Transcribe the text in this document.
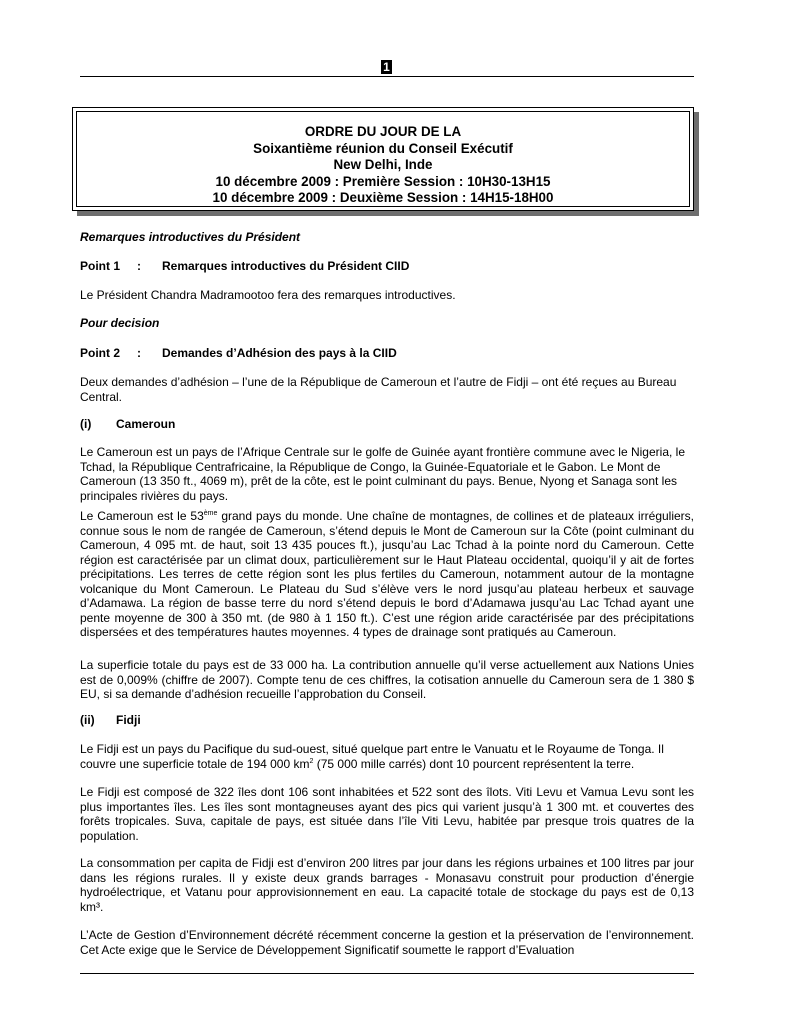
1
ORDRE DU JOUR DE LA
Soixantième réunion du Conseil Exécutif
New Delhi, Inde
10 décembre 2009 : Première Session : 10H30-13H15
10 décembre 2009 : Deuxième Session : 14H15-18H00
Remarques introductives du Président
Point 1 : Remarques introductives du Président CIID
Le Président Chandra Madramootoo fera des remarques introductives.
Pour decision
Point 2 : Demandes d’Adhésion des pays à la CIID
Deux demandes d’adhésion – l’une de la République de Cameroun et l’autre de Fidji – ont été reçues au Bureau Central.
(i) Cameroun
Le Cameroun est un pays de l’Afrique Centrale sur le golfe de Guinée ayant frontière commune avec le Nigeria, le Tchad, la République Centrafricaine, la République de Congo, la Guinée-Equatoriale et le Gabon. Le Mont de Cameroun (13 350 ft., 4069 m), prêt de la côte, est le point culminant du pays. Benue, Nyong et Sanaga sont les principales rivières du pays.
Le Cameroun est le 53ème grand pays du monde. Une chaîne de montagnes, de collines et de plateaux irréguliers, connue sous le nom de rangée de Cameroun, s’étend depuis le Mont de Cameroun sur la Côte (point culminant du Cameroun, 4 095 mt. de haut, soit 13 435 pouces ft.), jusqu’au Lac Tchad à la pointe nord du Cameroun. Cette région est caractérisée par un climat doux, particulièrement sur le Haut Plateau occidental, quoiqu’il y ait de fortes précipitations. Les terres de cette région sont les plus fertiles du Cameroun, notamment autour de la montagne volcanique du Mont Cameroun. Le Plateau du Sud s’élève vers le nord jusqu’au plateau herbeux et sauvage d’Adamawa. La région de basse terre du nord s’étend depuis le bord d’Adamawa jusqu’au Lac Tchad ayant une pente moyenne de 300 à 350 mt. (de 980 à 1 150 ft.). C’est une région aride caractérisée par des précipitations dispersées et des températures hautes moyennes. 4 types de drainage sont pratiqués au Cameroun.
La superficie totale du pays est de 33 000 ha. La contribution annuelle qu’il verse actuellement aux Nations Unies est de 0,009% (chiffre de 2007). Compte tenu de ces chiffres, la cotisation annuelle du Cameroun sera de 1 380 $ EU, si sa demande d’adhésion recueille l’approbation du Conseil.
(ii) Fidji
Le Fidji est un pays du Pacifique du sud-ouest, situé quelque part entre le Vanuatu et le Royaume de Tonga. Il couvre une superficie totale de 194 000 $km^2$ (75 000 mille carrés) dont 10 pourcent représentent la terre.
Le Fidji est composé de 322 îles dont 106 sont inhabitées et 522 sont des îlots. Viti Levu et Vamua Levu sont les plus importantes îles. Les îles sont montagneuses ayant des pics qui varient jusqu’à 1 300 mt. et couvertes des forêts tropicales. Suva, capitale de pays, est située dans l’île Viti Levu, habitée par presque trois quatres de la population.
La consommation per capita de Fidji est d’environ 200 litres par jour dans les régions urbaines et 100 litres par jour dans les régions rurales. Il y existe deux grands barrages - Monasavu construit pour production d’énergie hydroélectrique, et Vatanu pour approvisionnement en eau. La capacité totale de stockage du pays est de 0,13 km³.
L’Acte de Gestion d’Environnement décrété récemment concerne la gestion et la préservation de l’environnement. Cet Acte exige que le Service de Développement Significatif soumette le rapport d’Evaluation
